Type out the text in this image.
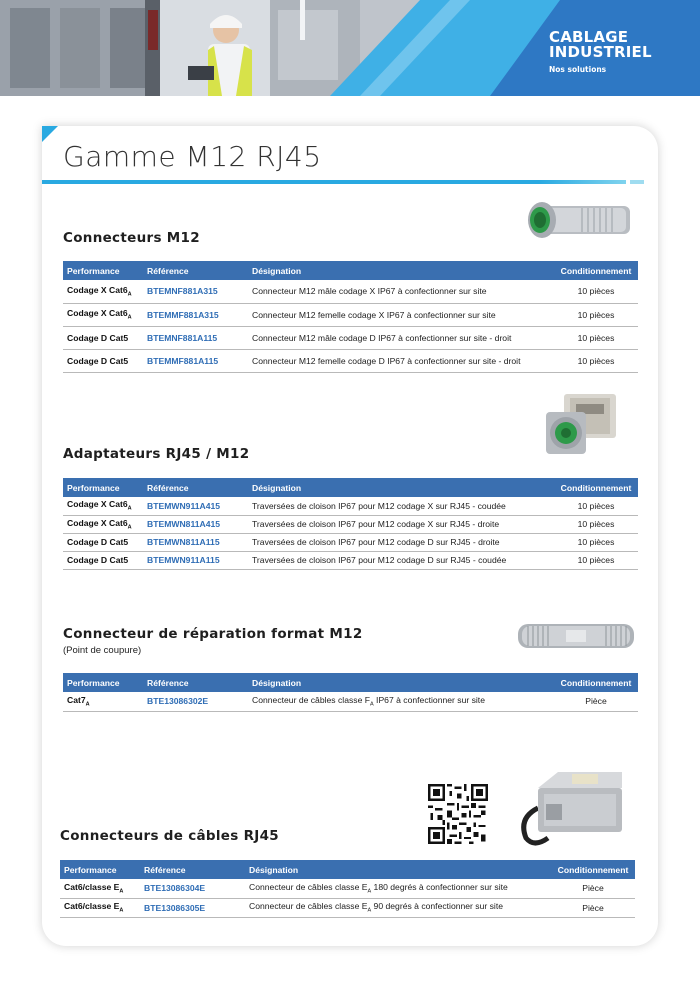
CABLAGE
INDUSTRIEL
Nos solutions
Gamme M12 RJ45
Connecteurs M12
Performance	Référence	Désignation	Conditionnement
Codage X $Cat6_A$	BTEMNF881A315	Connecteur M12 mâle codage X IP67 à confectionner sur site	10 pièces
Codage X $Cat6_A$	BTEMMF881A315	Connecteur M12 femelle codage X IP67 à confectionner sur site	10 pièces
Codage D Cat5	BTEMNF881A115	Connecteur M12 mâle codage D IP67 à confectionner sur site - droit	10 pièces
Codage D Cat5	BTEMMF881A115	Connecteur M12 femelle codage D IP67 à confectionner sur site - droit	10 pièces
Adaptateurs RJ45 / M12
Performance	Référence	Désignation	Conditionnement
Codage X $Cat6_A$	BTEMWN911A415	Traversées de cloison IP67 pour M12 codage X sur RJ45 - coudée	10 pièces
Codage X $Cat6_A$	BTEMWN811A415	Traversées de cloison IP67 pour M12 codage X sur RJ45 - droite	10 pièces
Codage D Cat5	BTEMWN811A115	Traversées de cloison IP67 pour M12 codage D sur RJ45 - droite	10 pièces
Codage D Cat5	BTEMWN911A115	Traversées de cloison IP67 pour M12 codage D sur RJ45 - coudée	10 pièces
Connecteur de réparation format M12
(Point de coupure)
Performance	Référence	Désignation	Conditionnement
$Cat7_A$	BTE13086302E	Connecteur de câbles classe $F_A$ IP67 à confectionner sur site	Pièce
Connecteurs de câbles RJ45
Performance	Référence	Désignation	Conditionnement
Cat6/classe $E_A$	BTE13086304E	Connecteur de câbles classe $E_A$ 180 degrés à confectionner sur site	Pièce
Cat6/classe $E_A$	BTE13086305E	Connecteur de câbles classe $E_A$ 90 degrés à confectionner sur site	Pièce
